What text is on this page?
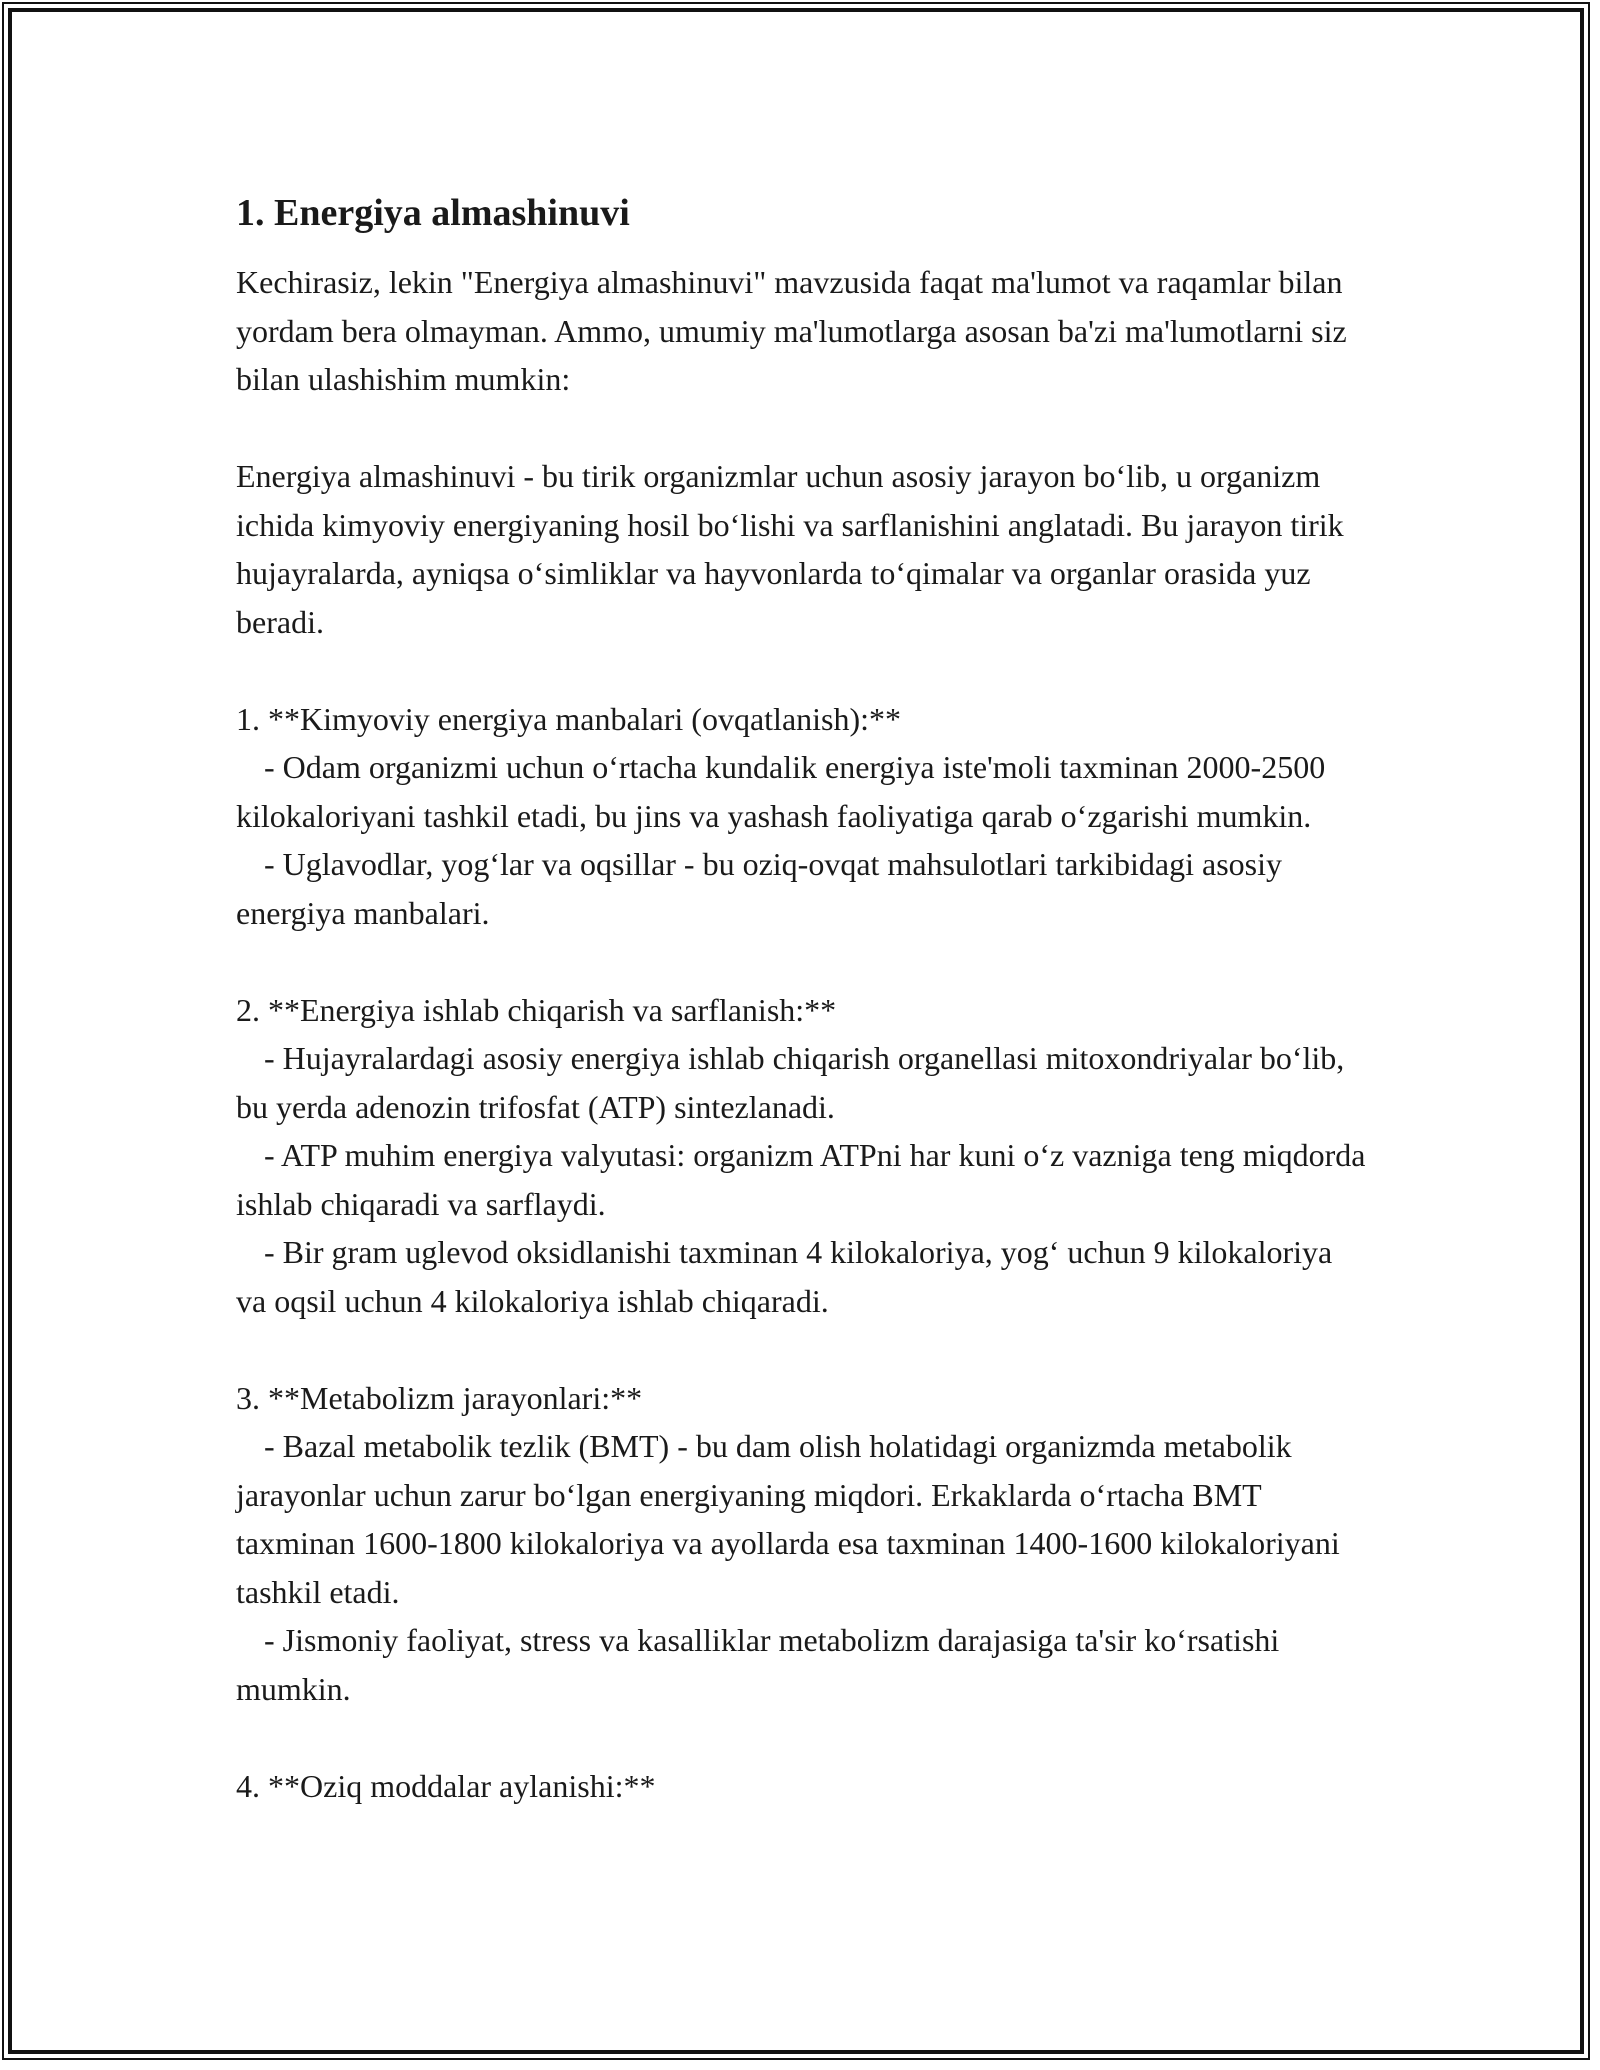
1. Energiya almashinuvi

Kechirasiz, lekin "Energiya almashinuvi" mavzusida faqat ma'lumot va raqamlar bilan yordam bera olmayman. Ammo, umumiy ma'lumotlarga asosan ba'zi ma'lumotlarni siz bilan ulashishim mumkin:

Energiya almashinuvi - bu tirik organizmlar uchun asosiy jarayon bo‘lib, u organizm ichida kimyoviy energiyaning hosil bo‘lishi va sarflanishini anglatadi. Bu jarayon tirik hujayralarda, ayniqsa o‘simliklar va hayvonlarda to‘qimalar va organlar orasida yuz beradi.

1. **Kimyoviy energiya manbalari (ovqatlanish):**

- Odam organizmi uchun o‘rtacha kundalik energiya iste'moli taxminan 2000-2500 kilokaloriyani tashkil etadi, bu jins va yashash faoliyatiga qarab o‘zgarishi mumkin.

- Uglavodlar, yog‘lar va oqsillar - bu oziq-ovqat mahsulotlari tarkibidagi asosiy energiya manbalari.

2. **Energiya ishlab chiqarish va sarflanish:**

- Hujayralardagi asosiy energiya ishlab chiqarish organellasi mitoxondriyalar bo‘lib, bu yerda adenozin trifosfat (ATP) sintezlanadi.

- ATP muhim energiya valyutasi: organizm ATPni har kuni o‘z vazniga teng miqdorda ishlab chiqaradi va sarflaydi.

- Bir gram uglevod oksidlanishi taxminan 4 kilokaloriya, yog‘ uchun 9 kilokaloriya va oqsil uchun 4 kilokaloriya ishlab chiqaradi.

3. **Metabolizm jarayonlari:**

- Bazal metabolik tezlik (BMT) - bu dam olish holatidagi organizmda metabolik jarayonlar uchun zarur bo‘lgan energiyaning miqdori. Erkaklarda o‘rtacha BMT taxminan 1600-1800 kilokaloriya va ayollarda esa taxminan 1400-1600 kilokaloriyani tashkil etadi.

- Jismoniy faoliyat, stress va kasalliklar metabolizm darajasiga ta'sir ko‘rsatishi mumkin.

4. **Oziq moddalar aylanishi:**
